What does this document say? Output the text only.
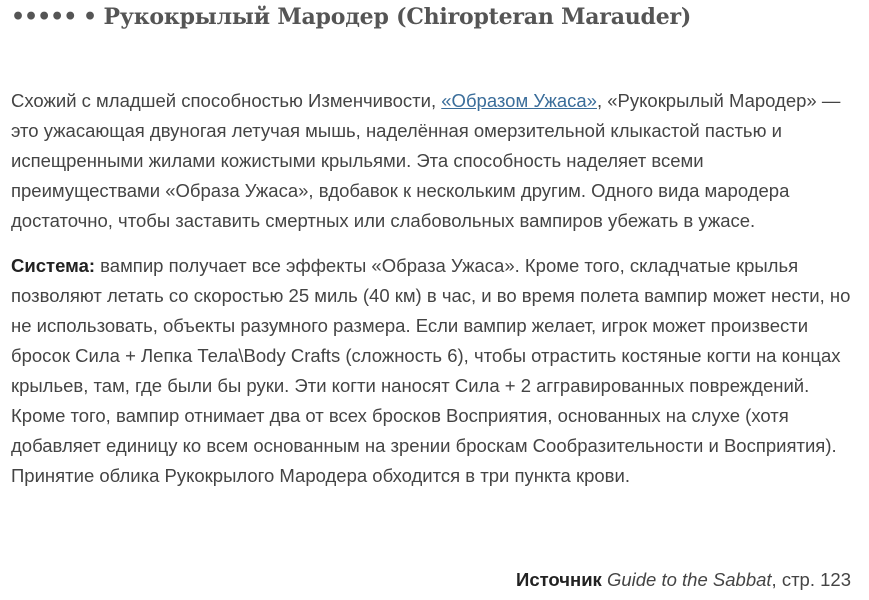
••••• • Рукокрылый Мародер (Chiropteran Marauder)

Схожий с младшей способностью Изменчивости, «Образом Ужаса», «Рукокрылый Мародер» — это ужасающая двуногая летучая мышь, наделённая омерзительной клыкастой пастью и испещренными жилами кожистыми крыльями. Эта способность наделяет всеми преимуществами «Образа Ужаса», вдобавок к нескольким другим. Одного вида мародера достаточно, чтобы заставить смертных или слабовольных вампиров убежать в ужасе.

Система: вампир получает все эффекты «Образа Ужаса». Кроме того, складчатые крылья позволяют летать со скоростью 25 миль (40 км) в час, и во время полета вампир может нести, но не использовать, объекты разумного размера. Если вампир желает, игрок может произвести бросок Сила + Лепка Тела\Body Crafts (сложность 6), чтобы отрастить костяные когти на концах крыльев, там, где были бы руки. Эти когти наносят Сила + 2 аггравированных повреждений. Кроме того, вампир отнимает два от всех бросков Восприятия, основанных на слухе (хотя добавляет единицу ко всем основанным на зрении броскам Сообразительности и Восприятия). Принятие облика Рукокрылого Мародера обходится в три пункта крови.

Источник Guide to the Sabbat, стр. 123
